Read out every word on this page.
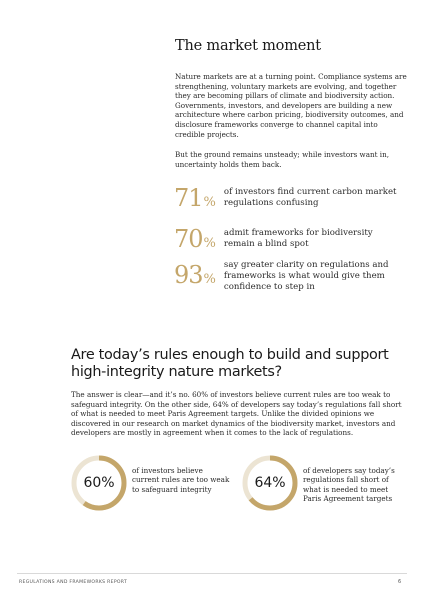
The market moment
Nature markets are at a turning point. Compliance systems are strengthening, voluntary markets are evolving, and together they are becoming pillars of climate and biodiversity action. Governments, investors, and developers are building a new architecture where carbon pricing, biodiversity outcomes, and disclosure frameworks converge to channel capital into credible projects.
But the ground remains unsteady; while investors want in, uncertainty holds them back.
71 %
of investors find current carbon market regulations confusing
70 %
admit frameworks for biodiversity remain a blind spot
93 %
say greater clarity on regulations and frameworks is what would give them confidence to step in
Are today’s rules enough to build and support high-integrity nature markets?
The answer is clear—and it’s no. 60% of investors believe current rules are too weak to safeguard integrity. On the other side, 64% of developers say today’s regulations fall short of what is needed to meet Paris Agreement targets. Unlike the divided opinions we discovered in our research on market dynamics of the biodiversity market, investors and developers are mostly in agreement when it comes to the lack of regulations.
60%
of investors believe current rules are too weak to safeguard integrity	64%
of developers say today’s regulations fall short of what is needed to meet Paris Agreement targets
REGULATIONS AND FRAMEWORKS REPORT	6
